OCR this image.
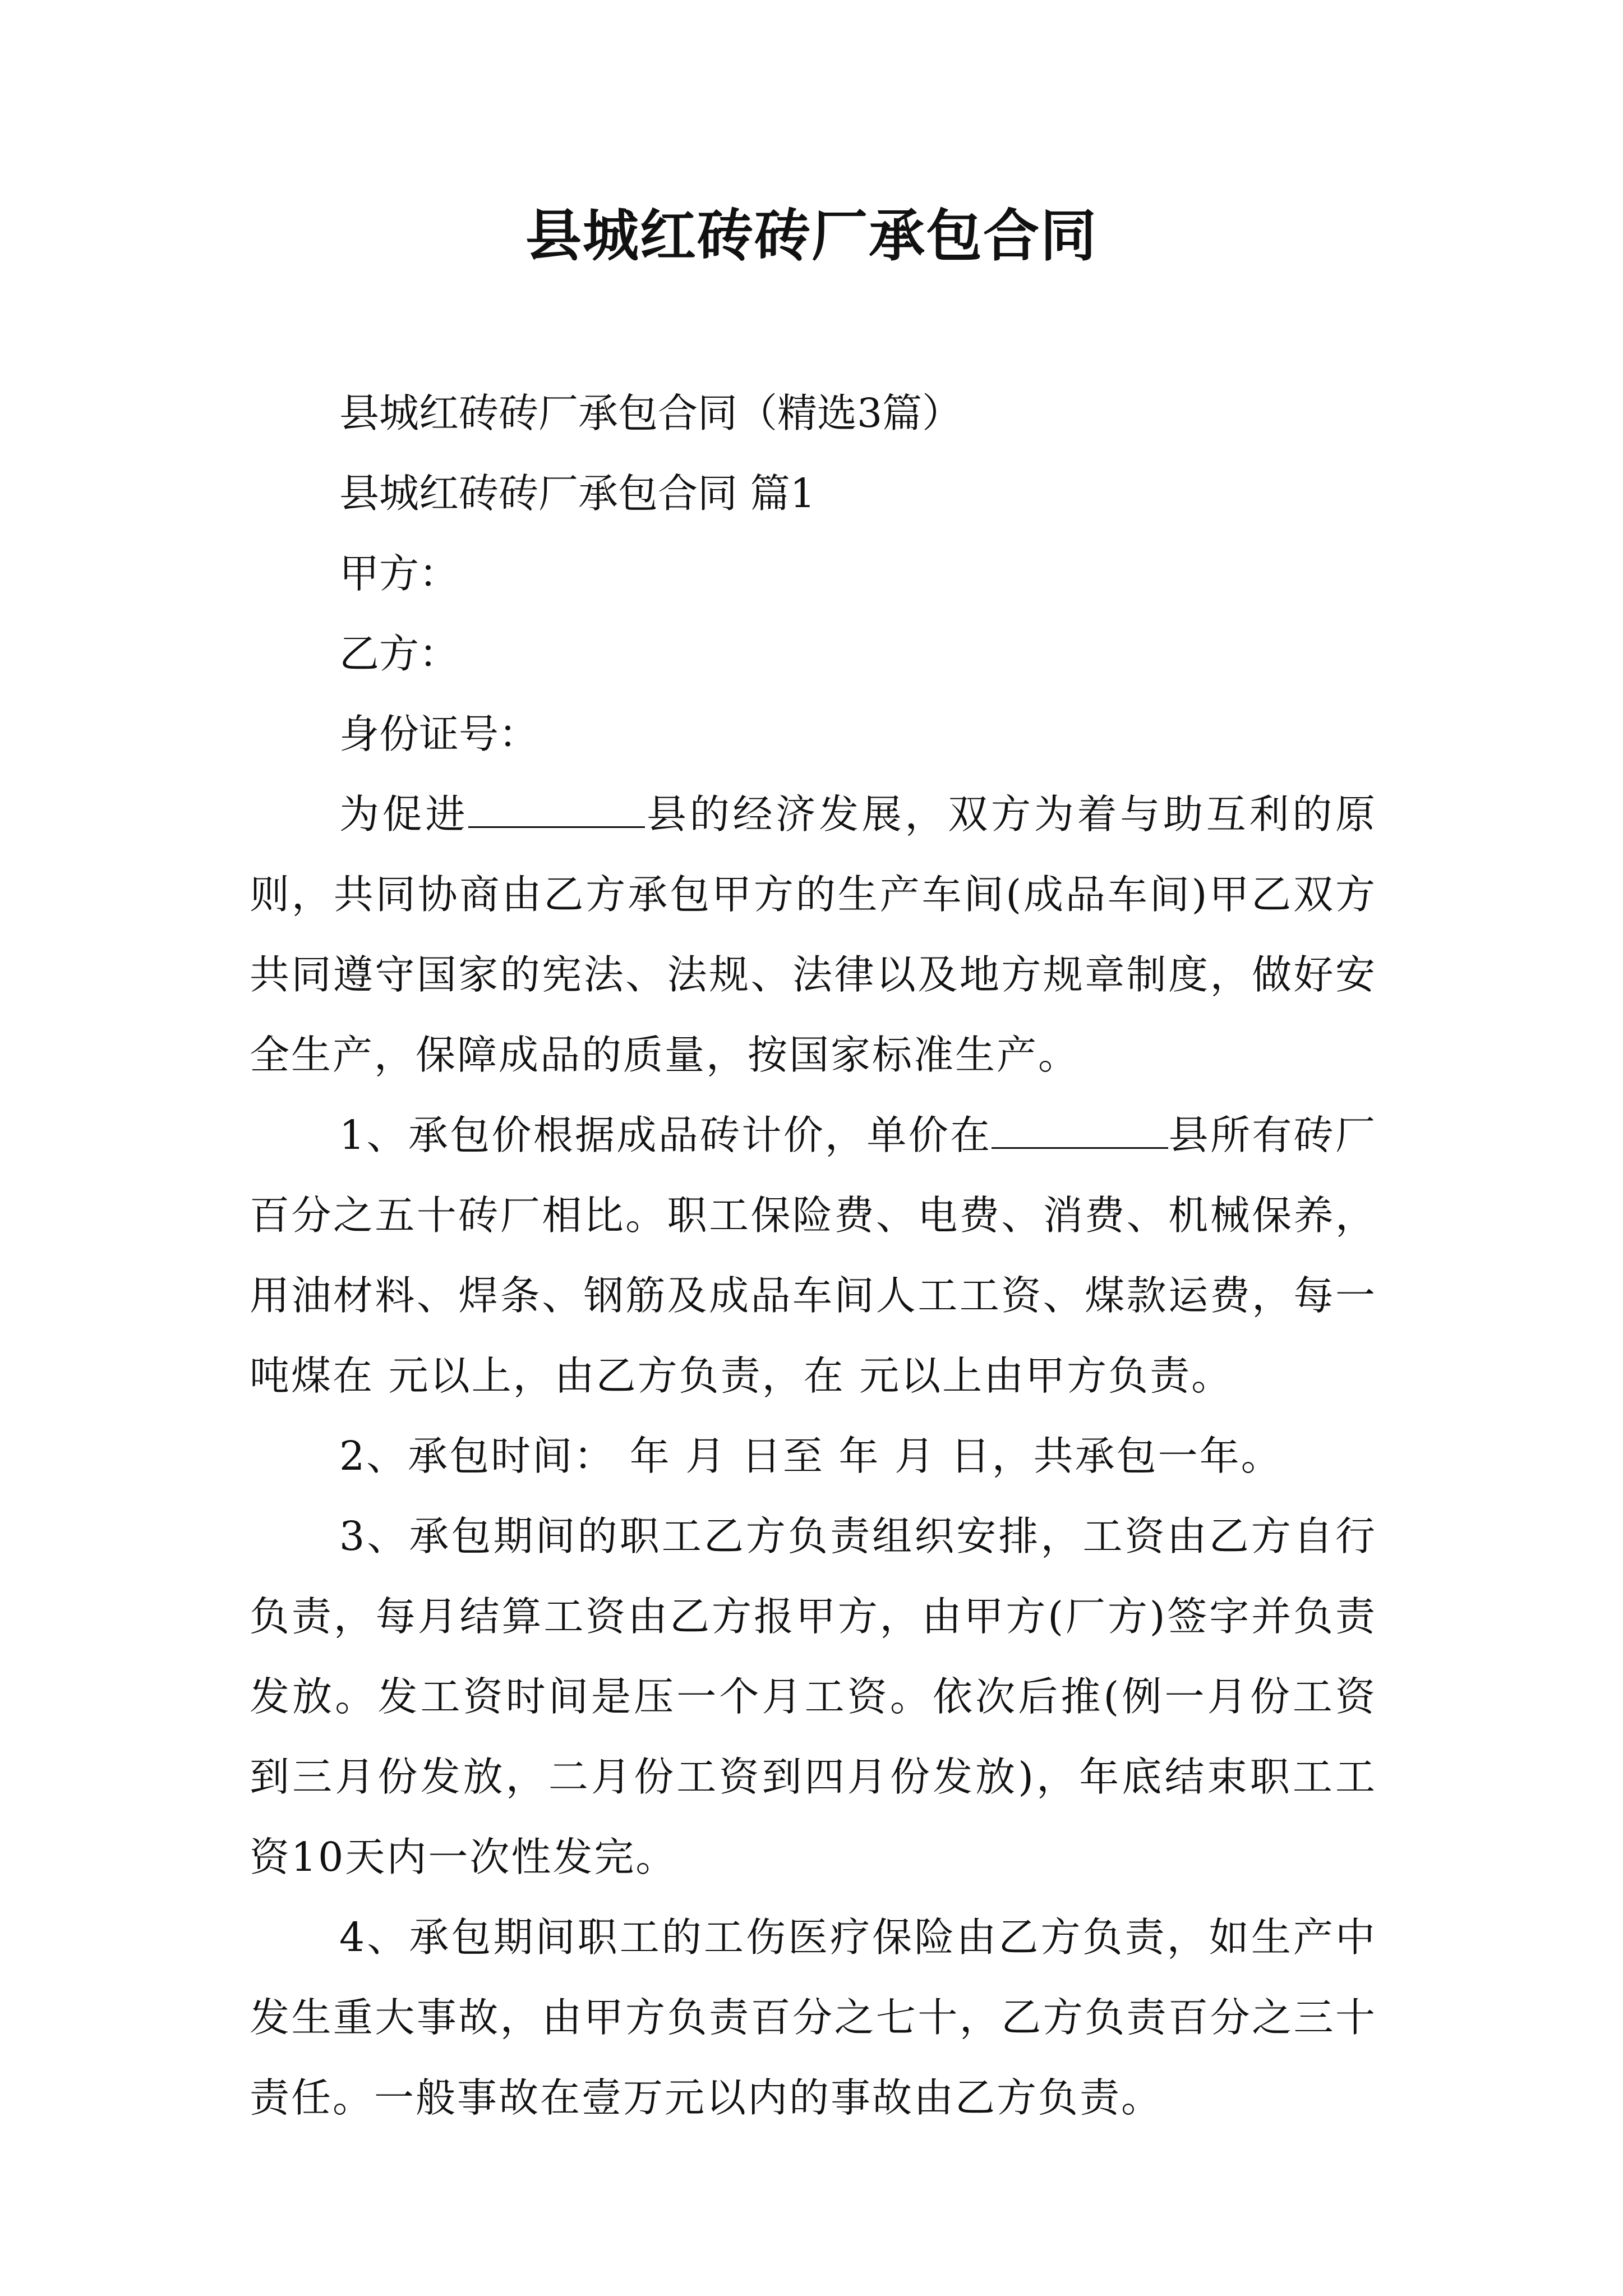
县城红砖砖厂承包合同

县城红砖砖厂承包合同（精选3篇）

县城红砖砖厂承包合同 篇1

甲方：

乙方：

身份证号：

为促进	县的经济发展，双方为着与助互利的原则，共同协商由乙方承包甲方的生产车间(成品车间)甲乙双方共同遵守国家的宪法、法规、法律以及地方规章制度，做好安全生产，保障成品的质量，按国家标准生产。

1、承包价根据成品砖计价，单价在	县所有砖厂百分之五十砖厂相比。职工保险费、电费、消费、机械保养，用油材料、焊条、钢筋及成品车间人工工资、煤款运费，每一吨煤在 元以上，由乙方负责，在 元以上由甲方负责。

2、承包时间： 年 月 日至 年 月 日，共承包一年。

3、承包期间的职工乙方负责组织安排，工资由乙方自行负责，每月结算工资由乙方报甲方，由甲方(厂方)签字并负责发放。发工资时间是压一个月工资。依次后推(例一月份工资到三月份发放，二月份工资到四月份发放)，年底结束职工工资10天内一次性发完。

4、承包期间职工的工伤医疗保险由乙方负责，如生产中发生重大事故，由甲方负责百分之七十，乙方负责百分之三十责任。一般事故在壹万元以内的事故由乙方负责。
